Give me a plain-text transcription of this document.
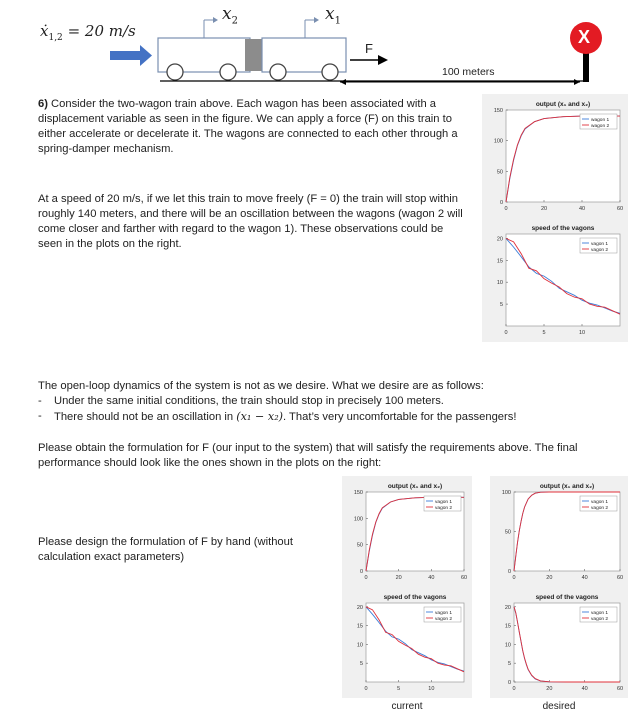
ẋ$_{1,2}$ = 20 m/s
$x_2$	$x_1$
F
100 meters
X
6) Consider the two-wagon train above. Each wagon has been associated with a displacement variable as seen in the figure. We can apply a force (F) on this train to either accelerate or decelerate it. The wagons are connected to each other through a spring-damper mechanism.
At a speed of 20 m/s, if we let this train to move freely (F = 0) the train will stop within roughly 140 meters, and there will be an oscillation between the wagons (wagon 2 will come closer and farther with regard to the wagon 1). These observations could be seen in the plots on the right.
The open-loop dynamics of the system is not as we desire. What we desire are as follows:
-	Under the same initial conditions, the train should stop in precisely 100 meters.
-	There should not be an oscillation in (x₁ − x₂). That’s very uncomfortable for the passengers!
Please obtain the formulation for F (our input to the system) that will satisfy the requirements above. The final performance should look like the ones shown in the plots on the right:
Please design the formulation of F by hand (without calculation exact parameters)
output (x₁ and x₂)
0	20	40	60
0
50
100
150
wagon 1
wagon 2
speed of the vagons
0	5	10
5
10
15
20
vagon 1
vagon 2
output (x₁ and x₂)
0	20	40	60
0
50
100
150
vagon 1
vagon 2
speed of the vagons
0	5	10
5
10
15
20
vagon 1
vagon 2
output (x₁ and x₂)
0	20	40	60
0
50
100
vagon 1
vagon 2
speed of the vagons
0	20	40	60
0
5
10
15
20
vagon 1
vagon 2
current	desired
